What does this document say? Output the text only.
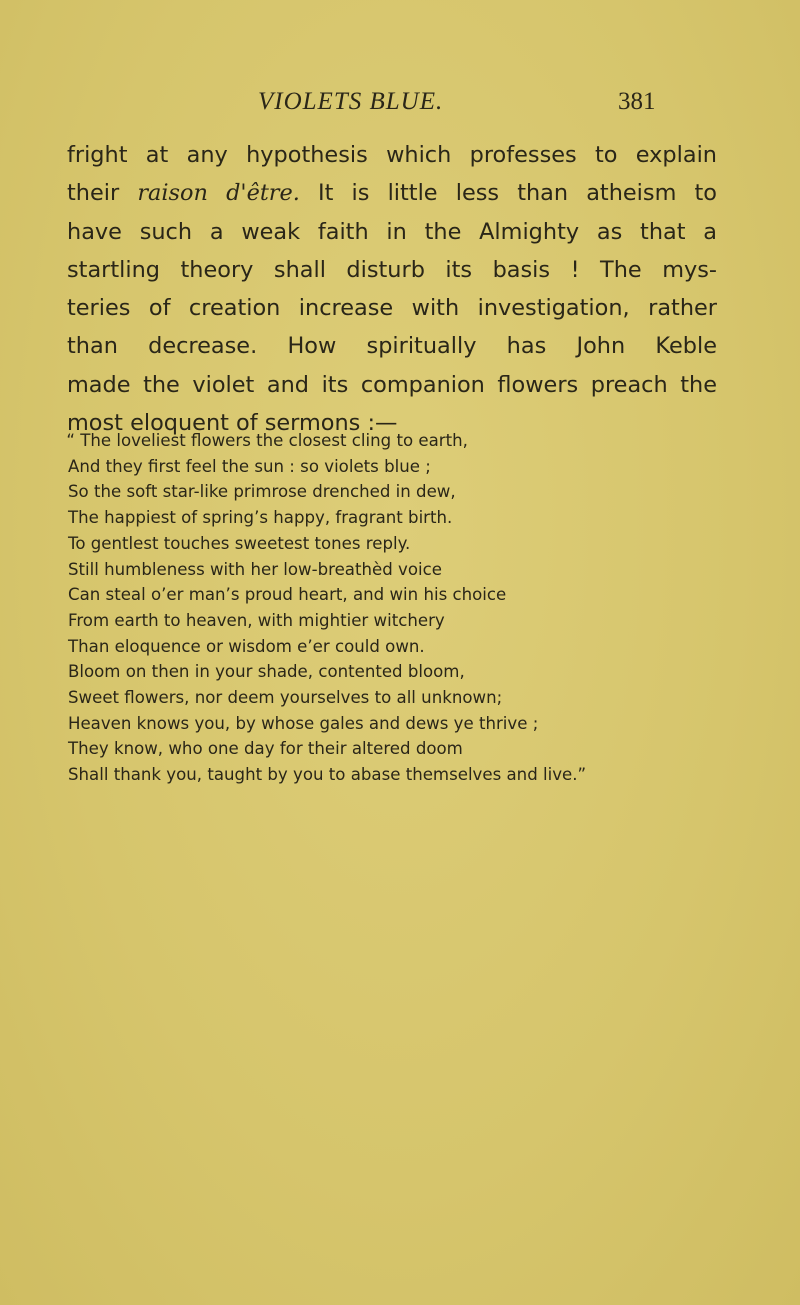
VIOLETS BLUE.	381
fright at any hypothesis which professes to explain
their raison d'être. It is little less than atheism to
have such a weak faith in the Almighty as that a
startling theory shall disturb its basis ! The mys-
teries of creation increase with investigation, rather
than decrease. How spiritually has John Keble
made the violet and its companion flowers preach the
most eloquent of sermons :—
“ The loveliest flowers the closest cling to earth,
And they first feel the sun : so violets blue ;
So the soft star-like primrose drenched in dew,
The happiest of spring’s happy, fragrant birth.
To gentlest touches sweetest tones reply.
Still humbleness with her low-breathèd voice
Can steal o’er man’s proud heart, and win his choice
From earth to heaven, with mightier witchery
Than eloquence or wisdom e’er could own.
Bloom on then in your shade, contented bloom,
Sweet flowers, nor deem yourselves to all unknown;
Heaven knows you, by whose gales and dews ye thrive ;
They know, who one day for their altered doom
Shall thank you, taught by you to abase themselves and live.”
